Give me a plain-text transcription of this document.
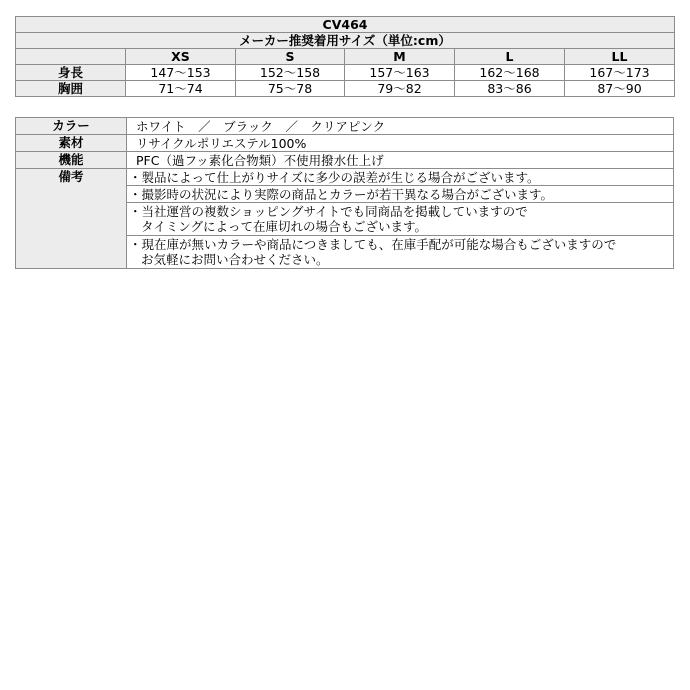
CV464					
メーカー推奨着用サイズ（単位:cm）					
	XS	S	M	L	LL
身長	147〜153	152〜158	157〜163	162〜168	167〜173
胸囲	71〜74	75〜78	79〜82	83〜86	87〜90
カラー	ホワイト　／　ブラック　／　クリアピンク
素材	リサイクルポリエステル100%
機能	PFC（過フッ素化合物類）不使用撥水仕上げ
備考	・製品によって仕上がりサイズに多少の誤差が生じる場合がございます。

	・撮影時の状況により実際の商品とカラーが若干異なる場合がございます。

	・当社運営の複数ショッピングサイトでも同商品を掲載していますので
タイミングによって在庫切れの場合もございます。

	・現在庫が無いカラーや商品につきましても、在庫手配が可能な場合もございますので
お気軽にお問い合わせください。
